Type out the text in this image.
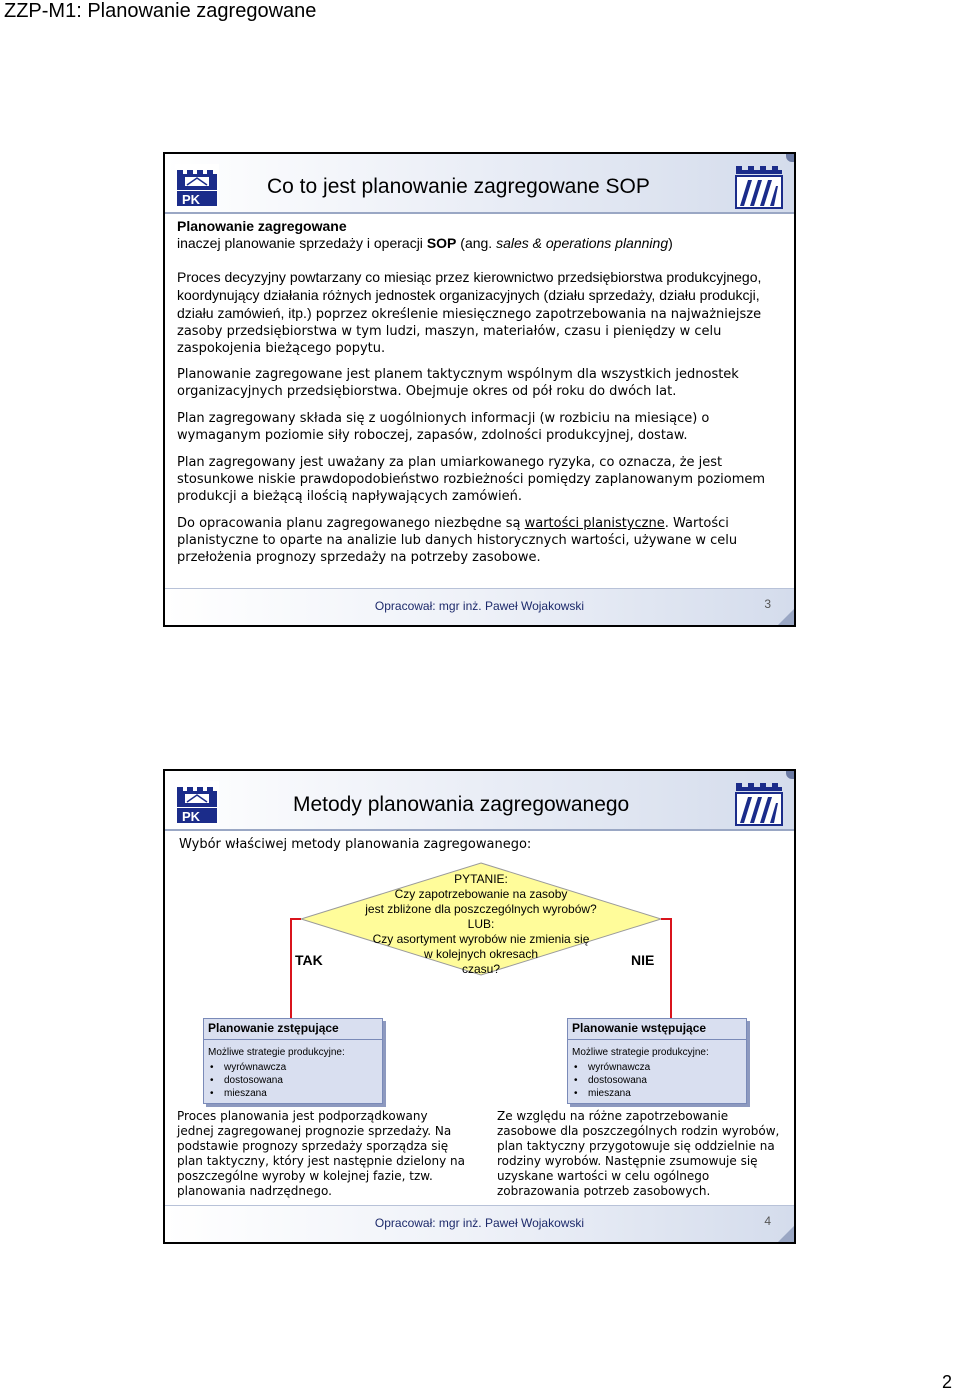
ZZP-M1: Planowanie zagregowane
PK
Co to jest planowanie zagregowane SOP
Planowanie zagregowane
inaczej planowanie sprzedaży i operacji SOP (ang. sales & operations planning)

Proces decyzyjny powtarzany co miesiąc przez kierownictwo przedsiębiorstwa produkcyjnego, koordynujący działania różnych jednostek organizacyjnych (działu sprzedaży, działu produkcji, działu zamówień, itp.) poprzez określenie miesięcznego zapotrzebowania na najważniejsze zasoby przedsiębiorstwa w tym ludzi, maszyn, materiałów, czasu i pieniędzy w celu zaspokojenia bieżącego popytu.

Planowanie zagregowane jest planem taktycznym wspólnym dla wszystkich jednostek organizacyjnych przedsiębiorstwa. Obejmuje okres od pół roku do dwóch lat.

Plan zagregowany składa się z uogólnionych informacji (w rozbiciu na miesiące) o wymaganym poziomie siły roboczej, zapasów, zdolności produkcyjnej, dostaw.

Plan zagregowany jest uważany za plan umiarkowanego ryzyka, co oznacza, że jest stosunkowe niskie prawdopodobieństwo rozbieżności pomiędzy zaplanowanym poziomem produkcji a bieżącą ilością napływających zamówień.

Do opracowania planu zagregowanego niezbędne są wartości planistyczne. Wartości planistyczne to oparte na analizie lub danych historycznych wartości, używane w celu przełożenia prognozy sprzedaży na potrzeby zasobowe.

Opracował: mgr inż. Paweł Wojakowski	3
PK
Metody planowania zagregowanego
Wybór właściwej metody planowania zagregowanego:
PYTANIE:
Czy zapotrzebowanie na zasoby
jest zbliżone dla poszczególnych wyrobów?
LUB:
Czy asortyment wyrobów nie zmienia się
w kolejnych okresach
czasu?
TAK	NIE
Planowanie zstępujące
Możliwe strategie produkcyjne:
• wyrównawcza
• dostosowana
• mieszana
Planowanie wstępujące
Możliwe strategie produkcyjne:
• wyrównawcza
• dostosowana
• mieszana
Proces planowania jest podporządkowany jednej zagregowanej prognozie sprzedaży. Na podstawie prognozy sprzedaży sporządza się plan taktyczny, który jest następnie dzielony na poszczególne wyroby w kolejnej fazie, tzw. planowania nadrzędnego.
Ze względu na różne zapotrzebowanie zasobowe dla poszczególnych rodzin wyrobów, plan taktyczny przygotowuje się oddzielnie na rodziny wyrobów. Następnie zsumowuje się uzyskane wartości w celu ogólnego zobrazowania potrzeb zasobowych.
Opracował: mgr inż. Paweł Wojakowski	4
2
